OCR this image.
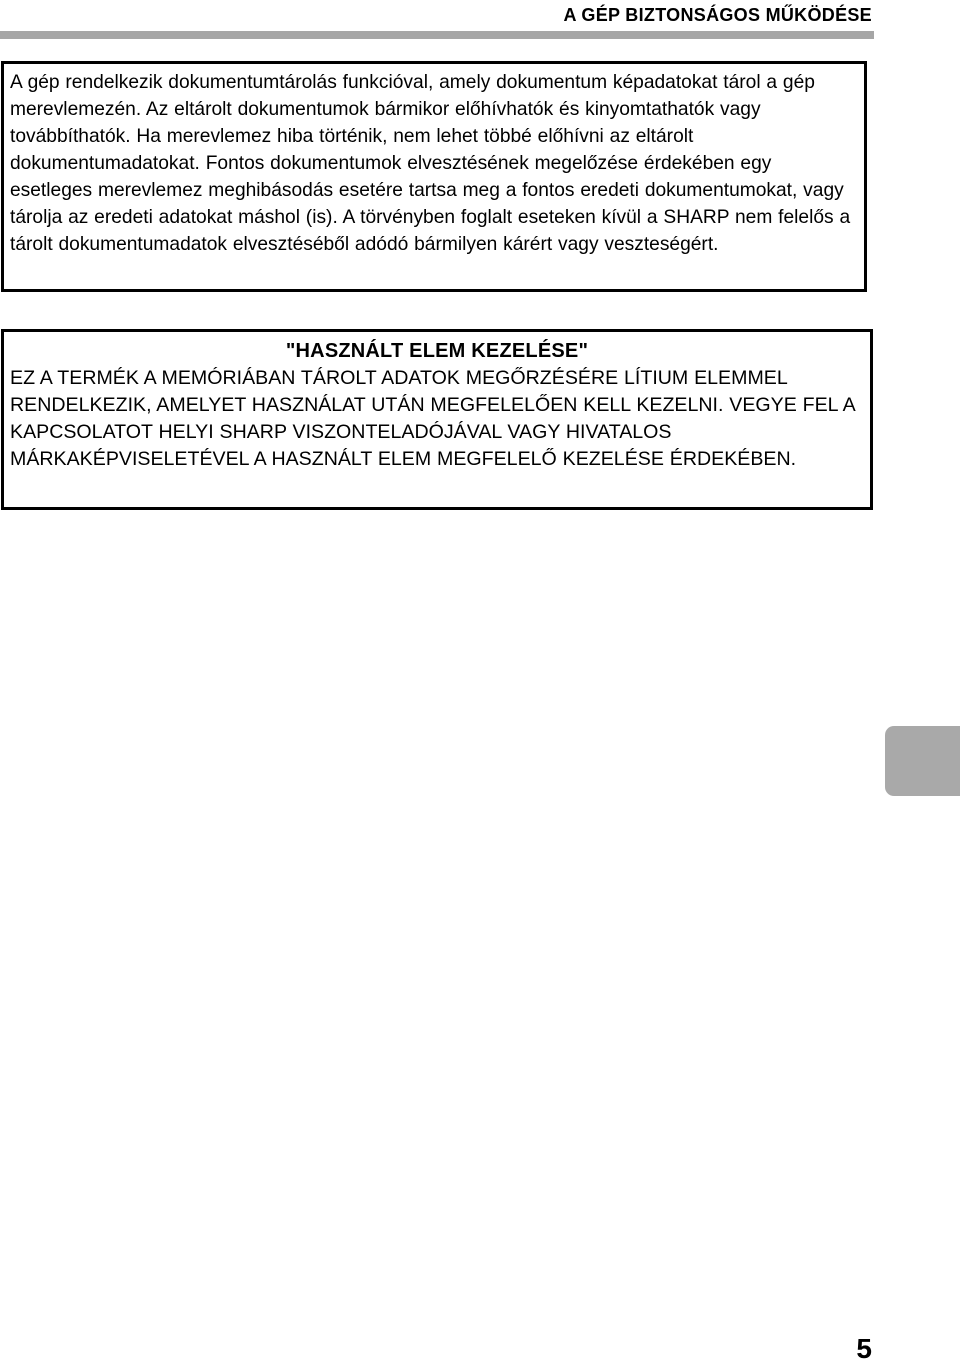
A GÉP BIZTONSÁGOS MŰKÖDÉSE

A gép rendelkezik dokumentumtárolás funkcióval, amely dokumentum képadatokat tárol a gép merevlemezén. Az eltárolt dokumentumok bármikor előhívhatók és kinyomtathatók vagy továbbíthatók. Ha merevlemez hiba történik, nem lehet többé előhívni az eltárolt dokumentumadatokat. Fontos dokumentumok elvesztésének megelőzése érdekében egy esetleges merevlemez meghibásodás esetére tartsa meg a fontos eredeti dokumentumokat, vagy tárolja az eredeti adatokat máshol (is). A törvényben foglalt eseteken kívül a SHARP nem felelős a tárolt dokumentumadatok elvesztéséből adódó bármilyen kárért vagy veszteségért.

"HASZNÁLT ELEM KEZELÉSE"

EZ A TERMÉK A MEMÓRIÁBAN TÁROLT ADATOK MEGŐRZÉSÉRE LÍTIUM ELEMMEL RENDELKEZIK, AMELYET HASZNÁLAT UTÁN MEGFELELŐEN KELL KEZELNI. VEGYE FEL A KAPCSOLATOT HELYI SHARP VISZONTELADÓJÁVAL VAGY HIVATALOS MÁRKAKÉPVISELETÉVEL A HASZNÁLT ELEM MEGFELELŐ KEZELÉSE ÉRDEKÉBEN.

5
